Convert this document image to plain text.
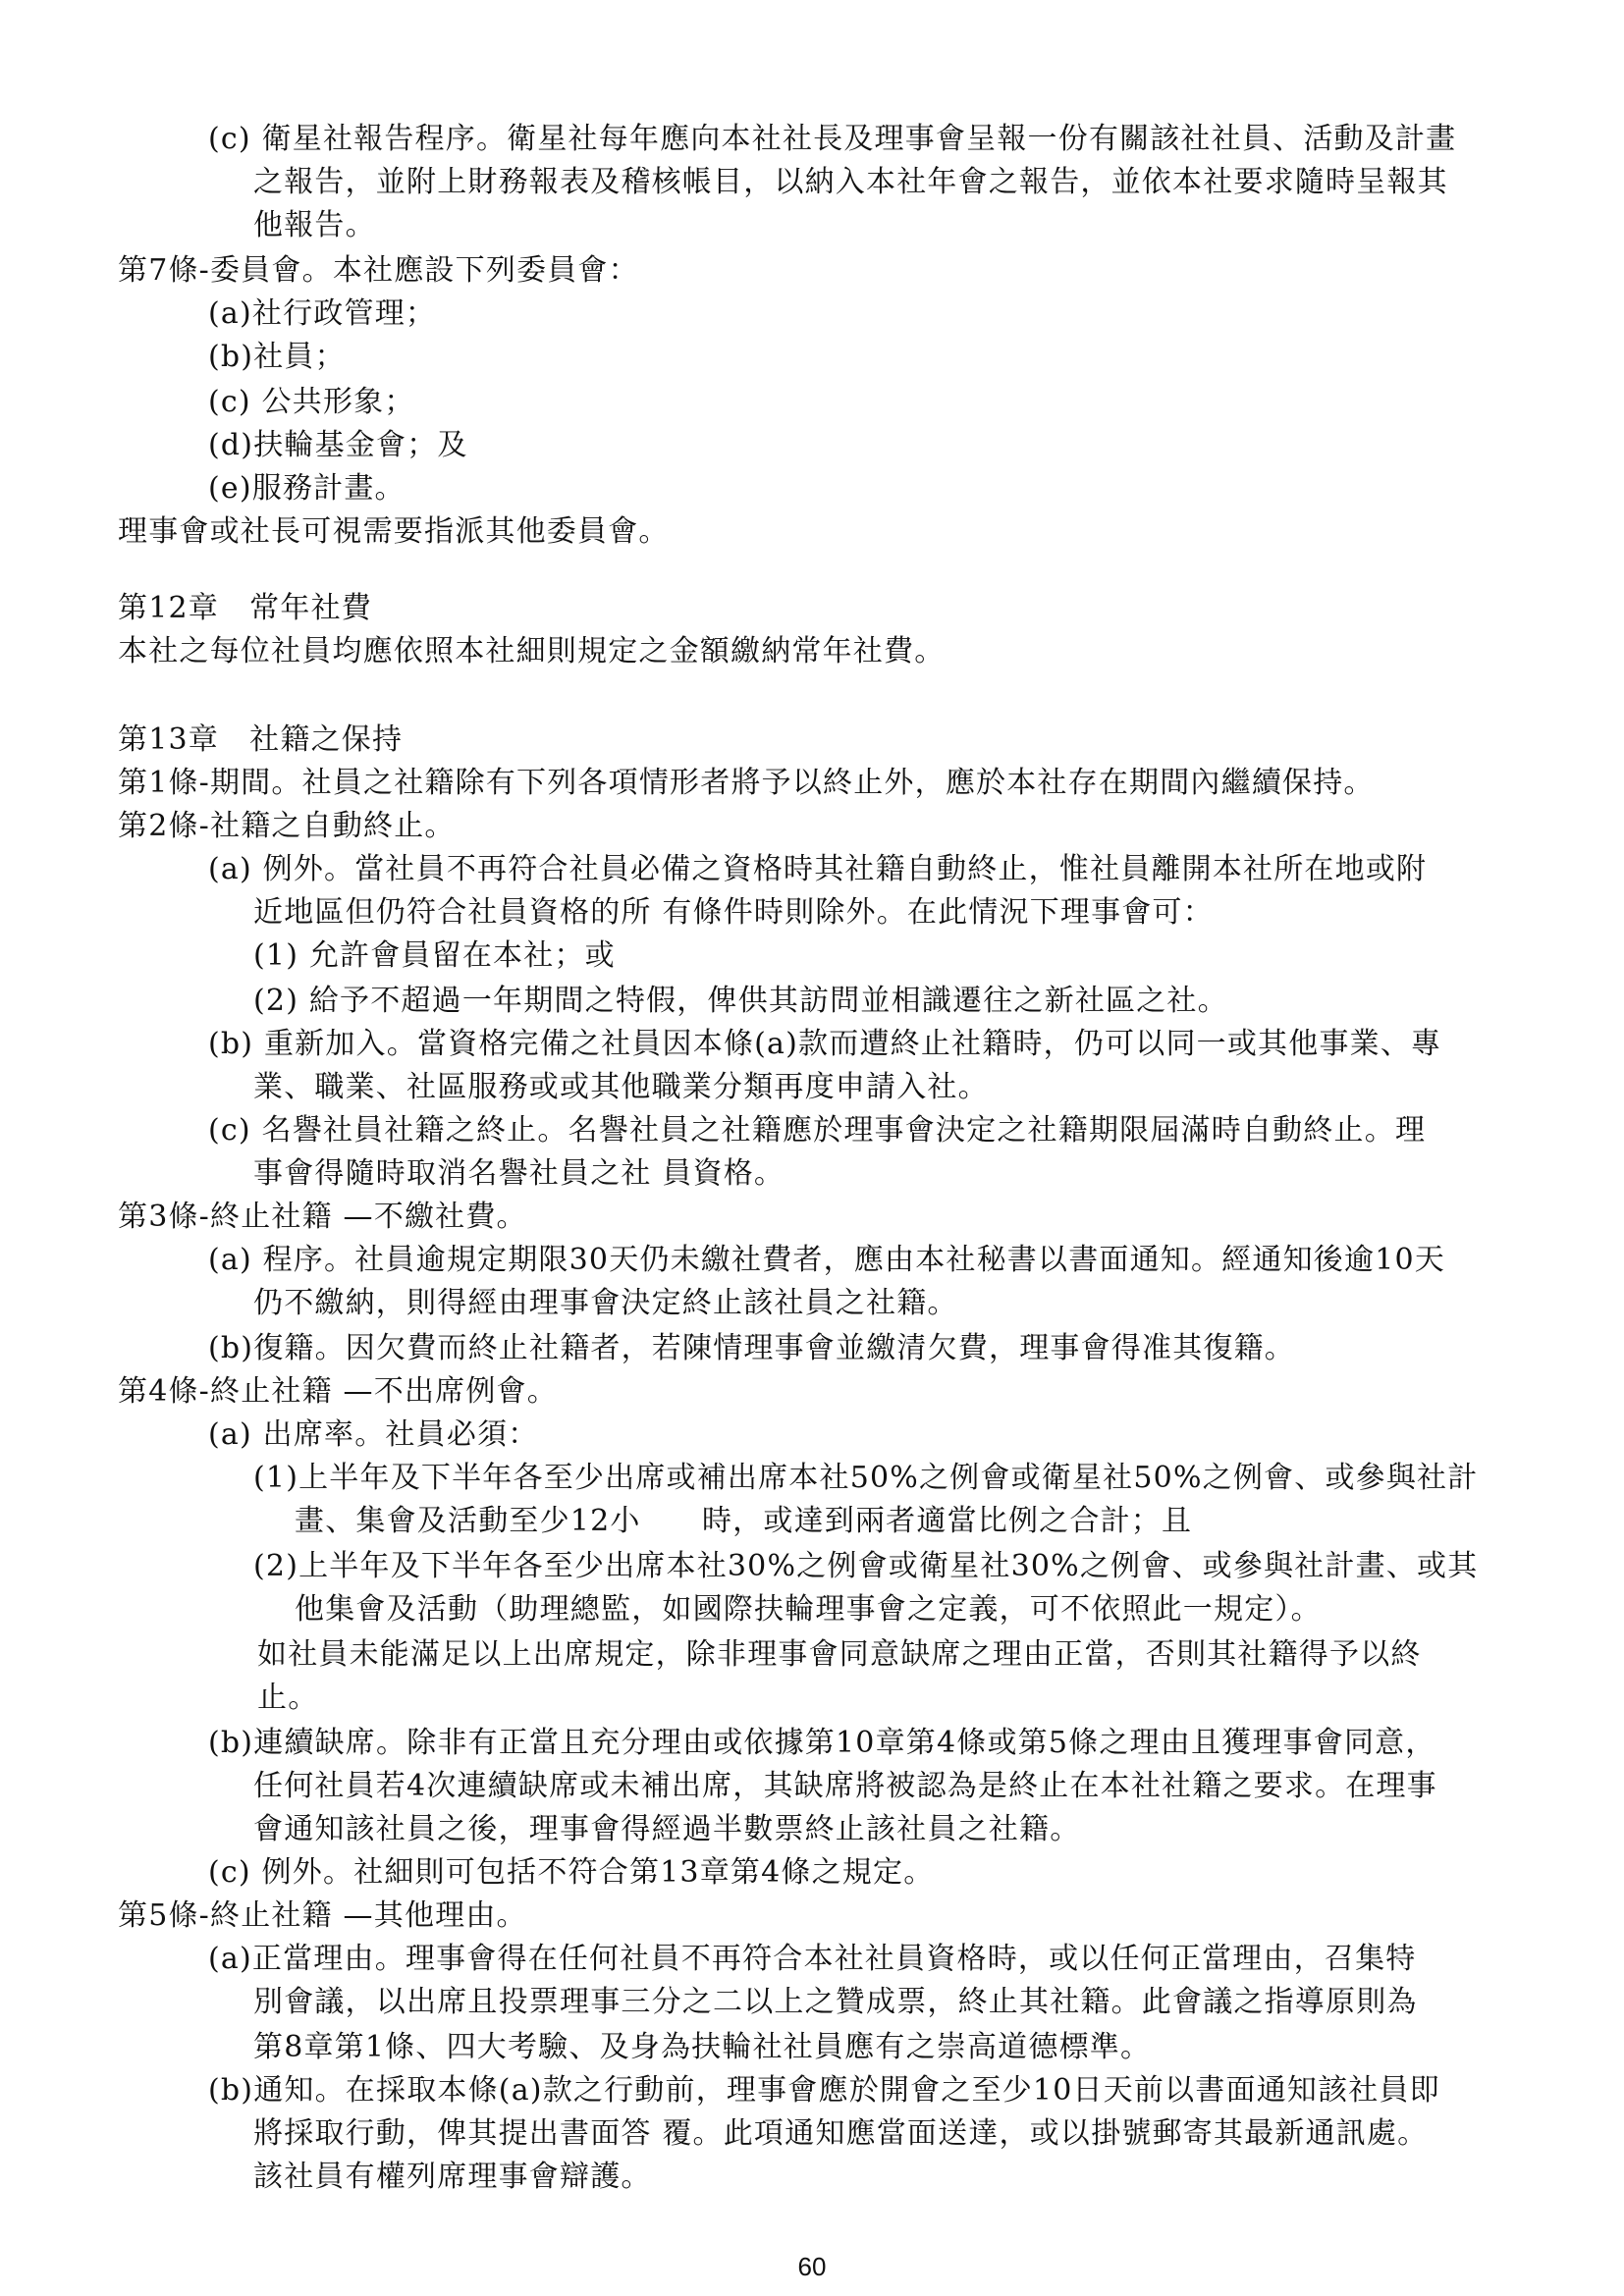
(c) 衛星社報告程序。衛星社每年應向本社社長及理事會呈報一份有關該社社員、活動及計畫
之報告，並附上財務報表及稽核帳目，以納入本社年會之報告，並依本社要求隨時呈報其
他報告。
第7條-委員會。本社應設下列委員會：
(a)社行政管理；
(b)社員；
(c) 公共形象；
(d)扶輪基金會；及
(e)服務計畫。
理事會或社長可視需要指派其他委員會。
第12章　常年社費
本社之每位社員均應依照本社細則規定之金額繳納常年社費。
第13章　社籍之保持
第1條-期間。社員之社籍除有下列各項情形者將予以終止外，應於本社存在期間內繼續保持。
第2條-社籍之自動終止。
(a) 例外。當社員不再符合社員必備之資格時其社籍自動終止，惟社員離開本社所在地或附
近地區但仍符合社員資格的所 有條件時則除外。在此情況下理事會可：
(1) 允許會員留在本社；或
(2) 給予不超過一年期間之特假，俾供其訪問並相識遷往之新社區之社。
(b) 重新加入。當資格完備之社員因本條(a)款而遭終止社籍時，仍可以同一或其他事業、專
業、職業、社區服務或或其他職業分類再度申請入社。
(c) 名譽社員社籍之終止。名譽社員之社籍應於理事會決定之社籍期限屆滿時自動終止。理
事會得隨時取消名譽社員之社 員資格。
第3條-終止社籍 —不繳社費。
(a) 程序。社員逾規定期限30天仍未繳社費者，應由本社秘書以書面通知。經通知後逾10天
仍不繳納，則得經由理事會決定終止該社員之社籍。
(b)復籍。因欠費而終止社籍者，若陳情理事會並繳清欠費，理事會得准其復籍。
第4條-終止社籍 —不出席例會。
(a) 出席率。社員必須：
(1)上半年及下半年各至少出席或補出席本社50%之例會或衛星社50%之例會、或參與社計
畫、集會及活動至少12小　　時，或達到兩者適當比例之合計；且
(2)上半年及下半年各至少出席本社30%之例會或衛星社30%之例會、或參與社計畫、或其
他集會及活動（助理總監，如國際扶輪理事會之定義，可不依照此一規定）。
如社員未能滿足以上出席規定，除非理事會同意缺席之理由正當，否則其社籍得予以終
止。
(b)連續缺席。除非有正當且充分理由或依據第10章第4條或第5條之理由且獲理事會同意，
任何社員若4次連續缺席或未補出席，其缺席將被認為是終止在本社社籍之要求。在理事
會通知該社員之後，理事會得經過半數票終止該社員之社籍。
(c) 例外。社細則可包括不符合第13章第4條之規定。
第5條-終止社籍 —其他理由。
(a)正當理由。理事會得在任何社員不再符合本社社員資格時，或以任何正當理由，召集特
別會議，以出席且投票理事三分之二以上之贊成票，終止其社籍。此會議之指導原則為
第8章第1條、四大考驗、及身為扶輪社社員應有之崇高道德標準。
(b)通知。在採取本條(a)款之行動前，理事會應於開會之至少10日天前以書面通知該社員即
將採取行動，俾其提出書面答 覆。此項通知應當面送達，或以掛號郵寄其最新通訊處。
該社員有權列席理事會辯護。
60
